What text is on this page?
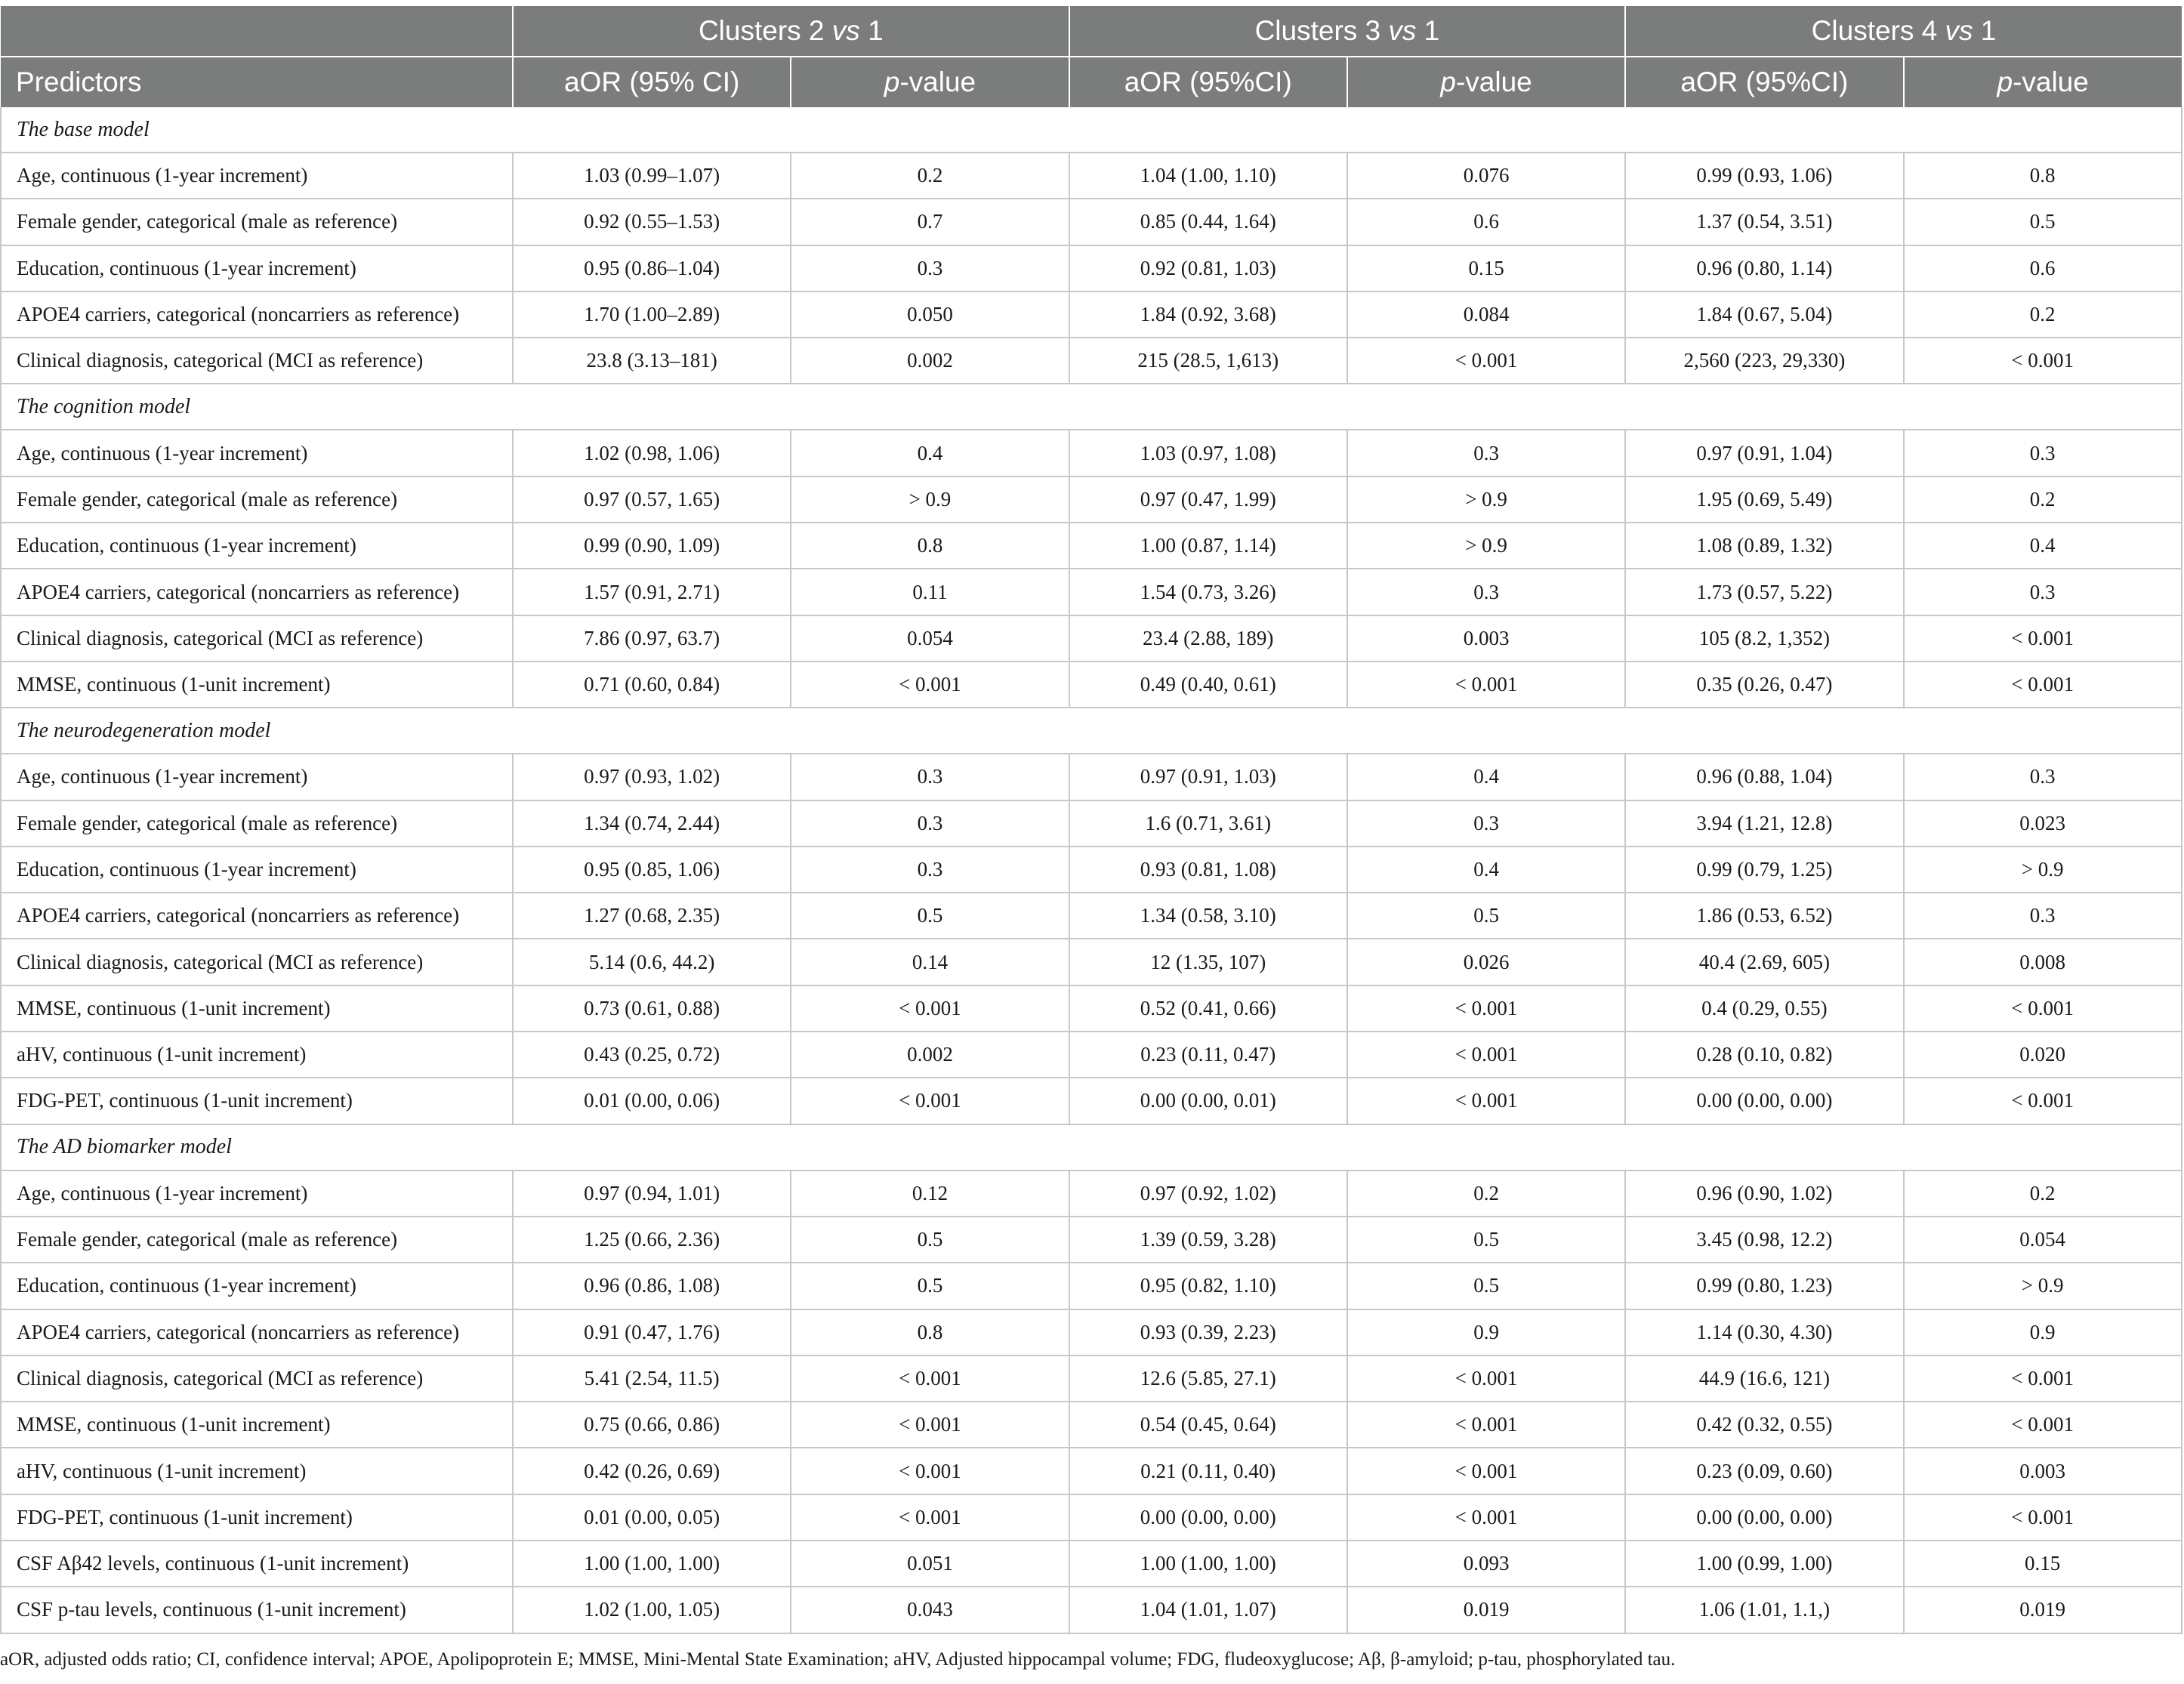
	Clusters 2 vs 1		Clusters 3 vs 1		Clusters 4 vs 1	
Predictors	aOR (95% CI)	p-value	aOR (95%CI)	p-value	aOR (95%CI)	p-value
The base model						
Age, continuous (1-year increment)	1.03 (0.99–1.07)	0.2	1.04 (1.00, 1.10)	0.076	0.99 (0.93, 1.06)	0.8
Female gender, categorical (male as reference)	0.92 (0.55–1.53)	0.7	0.85 (0.44, 1.64)	0.6	1.37 (0.54, 3.51)	0.5
Education, continuous (1-year increment)	0.95 (0.86–1.04)	0.3	0.92 (0.81, 1.03)	0.15	0.96 (0.80, 1.14)	0.6
APOE4 carriers, categorical (noncarriers as reference)	1.70 (1.00–2.89)	0.050	1.84 (0.92, 3.68)	0.084	1.84 (0.67, 5.04)	0.2
Clinical diagnosis, categorical (MCI as reference)	23.8 (3.13–181)	0.002	215 (28.5, 1,613)	< 0.001	2,560 (223, 29,330)	< 0.001
The cognition model						
Age, continuous (1-year increment)	1.02 (0.98, 1.06)	0.4	1.03 (0.97, 1.08)	0.3	0.97 (0.91, 1.04)	0.3
Female gender, categorical (male as reference)	0.97 (0.57, 1.65)	> 0.9	0.97 (0.47, 1.99)	> 0.9	1.95 (0.69, 5.49)	0.2
Education, continuous (1-year increment)	0.99 (0.90, 1.09)	0.8	1.00 (0.87, 1.14)	> 0.9	1.08 (0.89, 1.32)	0.4
APOE4 carriers, categorical (noncarriers as reference)	1.57 (0.91, 2.71)	0.11	1.54 (0.73, 3.26)	0.3	1.73 (0.57, 5.22)	0.3
Clinical diagnosis, categorical (MCI as reference)	7.86 (0.97, 63.7)	0.054	23.4 (2.88, 189)	0.003	105 (8.2, 1,352)	< 0.001
MMSE, continuous (1-unit increment)	0.71 (0.60, 0.84)	< 0.001	0.49 (0.40, 0.61)	< 0.001	0.35 (0.26, 0.47)	< 0.001
The neurodegeneration model						
Age, continuous (1-year increment)	0.97 (0.93, 1.02)	0.3	0.97 (0.91, 1.03)	0.4	0.96 (0.88, 1.04)	0.3
Female gender, categorical (male as reference)	1.34 (0.74, 2.44)	0.3	1.6 (0.71, 3.61)	0.3	3.94 (1.21, 12.8)	0.023
Education, continuous (1-year increment)	0.95 (0.85, 1.06)	0.3	0.93 (0.81, 1.08)	0.4	0.99 (0.79, 1.25)	> 0.9
APOE4 carriers, categorical (noncarriers as reference)	1.27 (0.68, 2.35)	0.5	1.34 (0.58, 3.10)	0.5	1.86 (0.53, 6.52)	0.3
Clinical diagnosis, categorical (MCI as reference)	5.14 (0.6, 44.2)	0.14	12 (1.35, 107)	0.026	40.4 (2.69, 605)	0.008
MMSE, continuous (1-unit increment)	0.73 (0.61, 0.88)	< 0.001	0.52 (0.41, 0.66)	< 0.001	0.4 (0.29, 0.55)	< 0.001
aHV, continuous (1-unit increment)	0.43 (0.25, 0.72)	0.002	0.23 (0.11, 0.47)	< 0.001	0.28 (0.10, 0.82)	0.020
FDG-PET, continuous (1-unit increment)	0.01 (0.00, 0.06)	< 0.001	0.00 (0.00, 0.01)	< 0.001	0.00 (0.00, 0.00)	< 0.001
The AD biomarker model						
Age, continuous (1-year increment)	0.97 (0.94, 1.01)	0.12	0.97 (0.92, 1.02)	0.2	0.96 (0.90, 1.02)	0.2
Female gender, categorical (male as reference)	1.25 (0.66, 2.36)	0.5	1.39 (0.59, 3.28)	0.5	3.45 (0.98, 12.2)	0.054
Education, continuous (1-year increment)	0.96 (0.86, 1.08)	0.5	0.95 (0.82, 1.10)	0.5	0.99 (0.80, 1.23)	> 0.9
APOE4 carriers, categorical (noncarriers as reference)	0.91 (0.47, 1.76)	0.8	0.93 (0.39, 2.23)	0.9	1.14 (0.30, 4.30)	0.9
Clinical diagnosis, categorical (MCI as reference)	5.41 (2.54, 11.5)	< 0.001	12.6 (5.85, 27.1)	< 0.001	44.9 (16.6, 121)	< 0.001
MMSE, continuous (1-unit increment)	0.75 (0.66, 0.86)	< 0.001	0.54 (0.45, 0.64)	< 0.001	0.42 (0.32, 0.55)	< 0.001
aHV, continuous (1-unit increment)	0.42 (0.26, 0.69)	< 0.001	0.21 (0.11, 0.40)	< 0.001	0.23 (0.09, 0.60)	0.003
FDG-PET, continuous (1-unit increment)	0.01 (0.00, 0.05)	< 0.001	0.00 (0.00, 0.00)	< 0.001	0.00 (0.00, 0.00)	< 0.001
CSF Aβ42 levels, continuous (1-unit increment)	1.00 (1.00, 1.00)	0.051	1.00 (1.00, 1.00)	0.093	1.00 (0.99, 1.00)	0.15
CSF p-tau levels, continuous (1-unit increment)	1.02 (1.00, 1.05)	0.043	1.04 (1.01, 1.07)	0.019	1.06 (1.01, 1.1,)	0.019
aOR, adjusted odds ratio; CI, confidence interval; APOE, Apolipoprotein E; MMSE, Mini-Mental State Examination; aHV, Adjusted hippocampal volume; FDG, fludeoxyglucose; Aβ, β-amyloid; p-tau, phosphorylated tau.
